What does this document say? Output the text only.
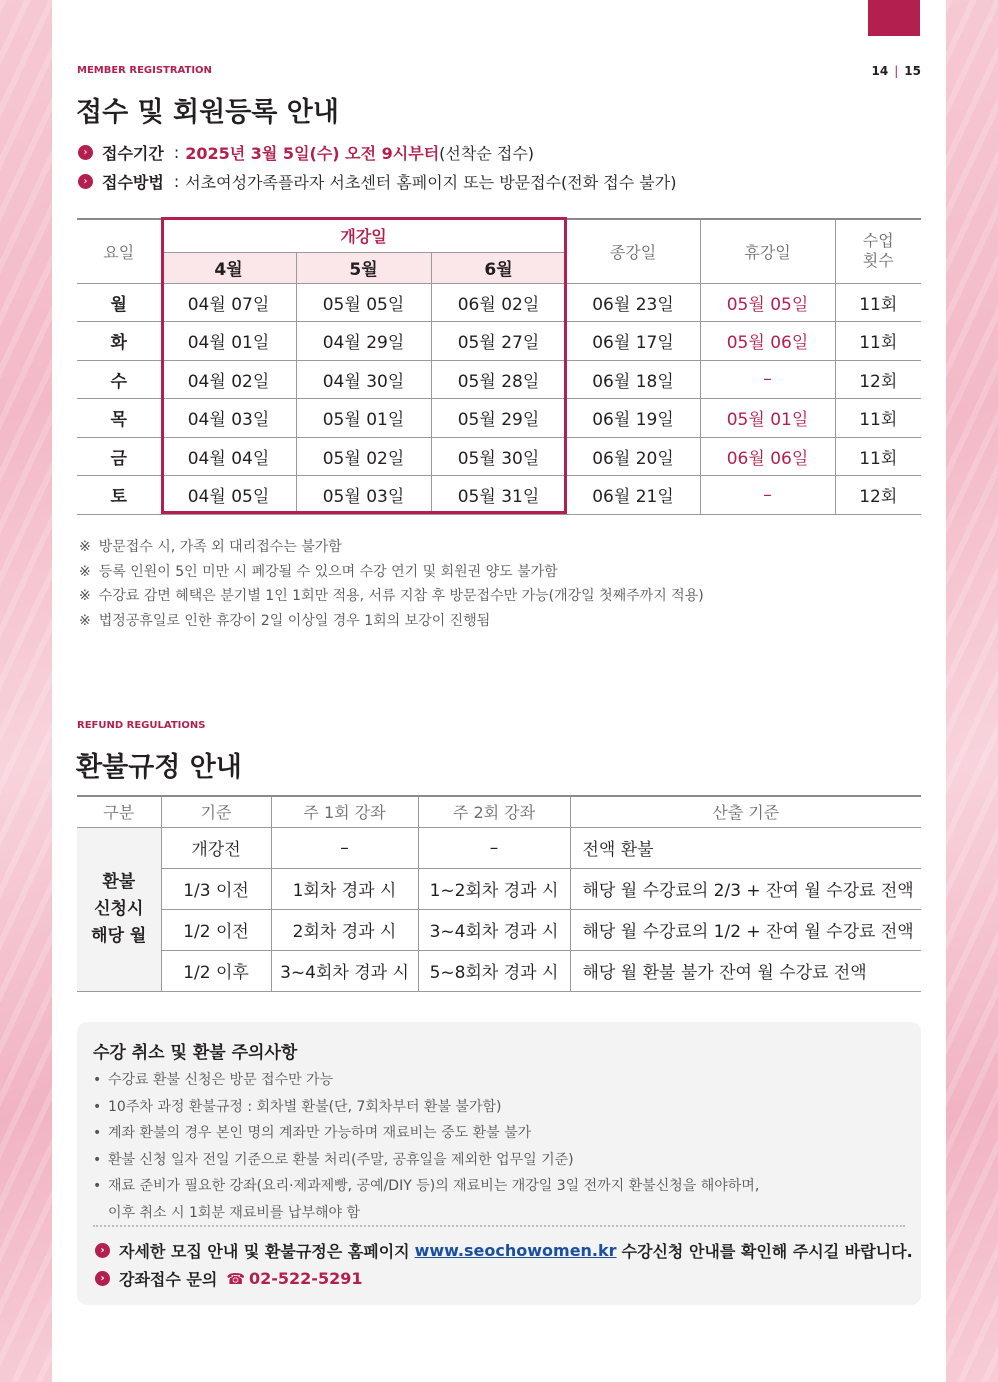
MEMBER REGISTRATION	14 | 15
접수 및 회원등록 안내
› 접수기간 : 2025년 3월 5일(수) 오전 9시부터 (선착순 접수)
› 접수방법 : 서초여성가족플라자 서초센터 홈페이지 또는 방문접수(전화 접수 불가)
요일	개강일			종강일	휴강일	수업
횟수
	4월	5월	6월			
월	04월 07일	05월 05일	06월 02일	06월 23일	05월 05일	11회
화	04월 01일	04월 29일	05월 27일	06월 17일	05월 06일	11회
수	04월 02일	04월 30일	05월 28일	06월 18일	–	12회
목	04월 03일	05월 01일	05월 29일	06월 19일	05월 01일	11회
금	04월 04일	05월 02일	05월 30일	06월 20일	06월 06일	11회
토	04월 05일	05월 03일	05월 31일	06월 21일	–	12회
※ 방문접수 시, 가족 외 대리접수는 불가함
※ 등록 인원이 5인 미만 시 폐강될 수 있으며 수강 연기 및 회원권 양도 불가함
※ 수강료 감면 혜택은 분기별 1인 1회만 적용, 서류 지참 후 방문접수만 가능(개강일 첫째주까지 적용)
※ 법정공휴일로 인한 휴강이 2일 이상일 경우 1회의 보강이 진행됨
REFUND REGULATIONS
환불규정 안내
구분	기준	주 1회 강좌	주 2회 강좌	산출 기준
환불
신청시
해당 월	개강전	–	–	전액 환불
	1/3 이전	1회차 경과 시	1~2회차 경과 시	해당 월 수강료의 2/3 + 잔여 월 수강료 전액
	1/2 이전	2회차 경과 시	3~4회차 경과 시	해당 월 수강료의 1/2 + 잔여 월 수강료 전액
	1/2 이후	3~4회차 경과 시	5~8회차 경과 시	해당 월 환불 불가 잔여 월 수강료 전액
수강 취소 및 환불 주의사항
• 수강료 환불 신청은 방문 접수만 가능
• 10주차 과정 환불규정 : 회차별 환불(단, 7회차부터 환불 불가함)
• 계좌 환불의 경우 본인 명의 계좌만 가능하며 재료비는 중도 환불 불가
• 환불 신청 일자 전일 기준으로 환불 처리(주말, 공휴일을 제외한 업무일 기준)
• 재료 준비가 필요한 강좌(요리·제과제빵, 공예/DIY 등)의 재료비는 개강일 3일 전까지 환불신청을 해야하며,
이후 취소 시 1회분 재료비를 납부해야 함
› 자세한 모집 안내 및 환불규정은 홈페이지 www.seochowomen.kr 수강신청 안내를 확인해 주시길 바랍니다.
› 강좌접수 문의 ☎ 02-522-5291
